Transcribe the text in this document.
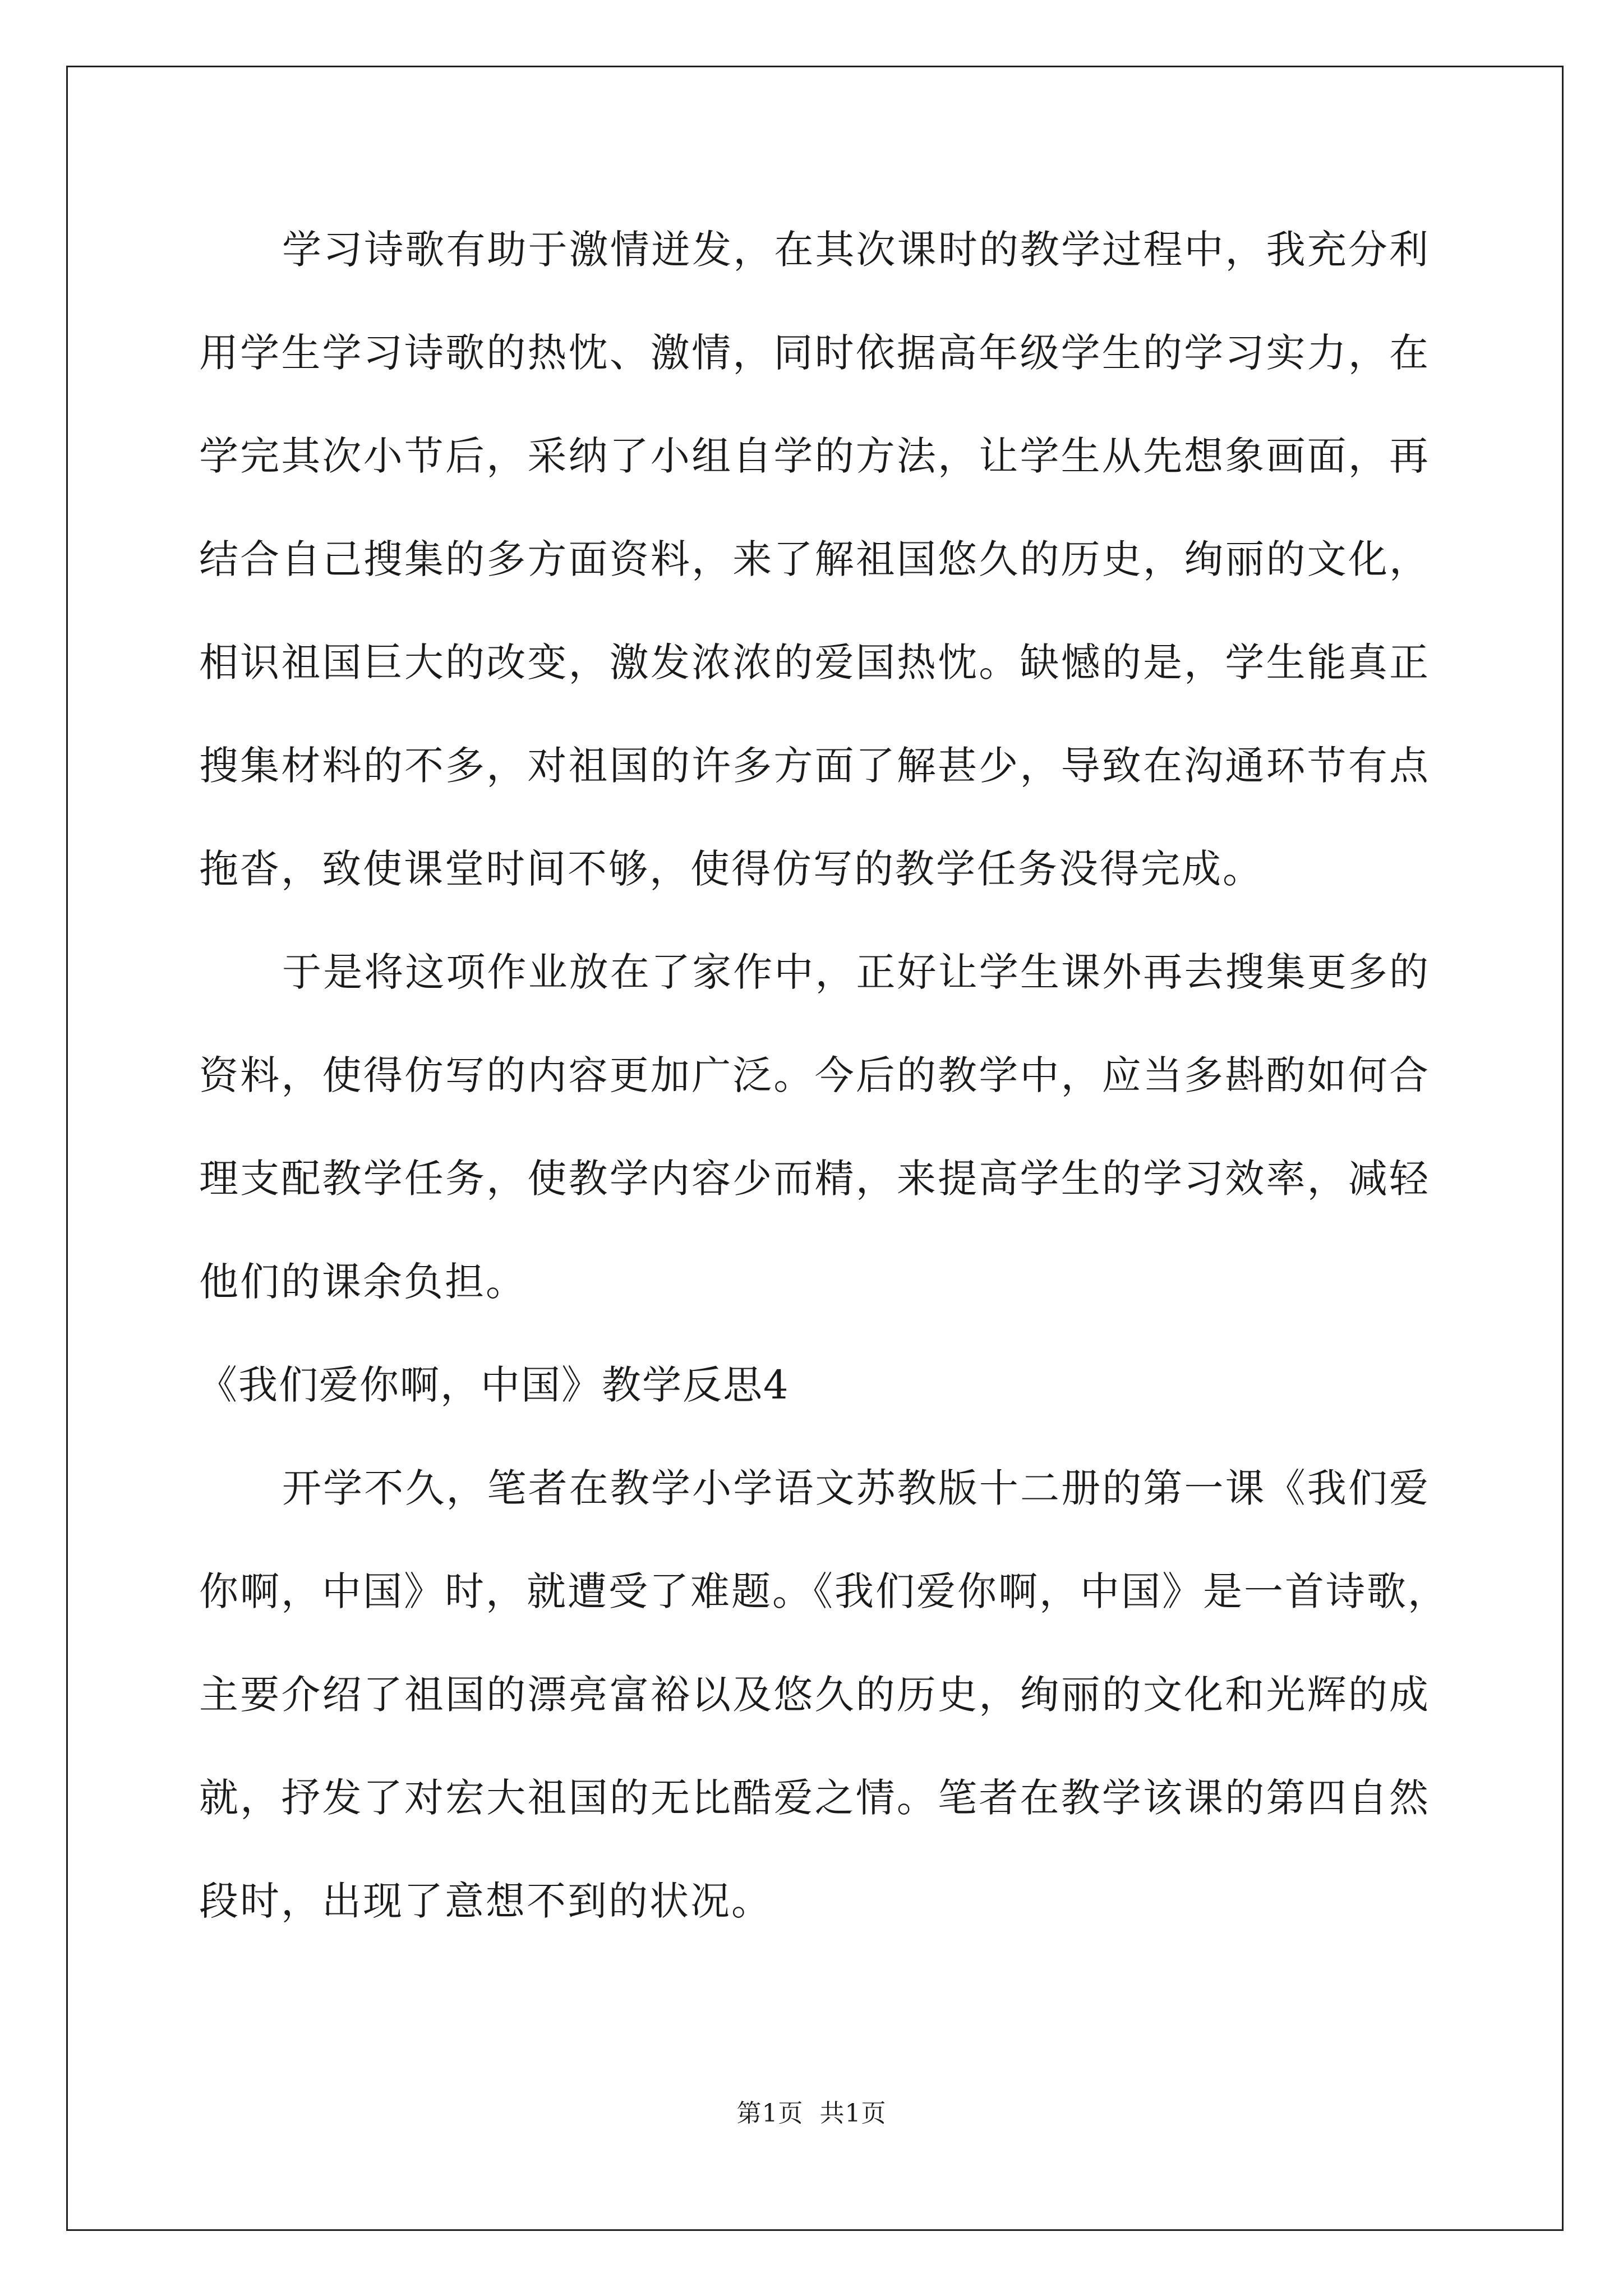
学习诗歌有助于激情迸发，在其次课时的教学过程中，我充分利
用学生学习诗歌的热忱、激情，同时依据高年级学生的学习实力，在
学完其次小节后，采纳了小组自学的方法，让学生从先想象画面，再
结合自己搜集的多方面资料，来了解祖国悠久的历史，绚丽的文化，
相识祖国巨大的改变，激发浓浓的爱国热忱。缺憾的是，学生能真正
搜集材料的不多，对祖国的许多方面了解甚少，导致在沟通环节有点
拖沓，致使课堂时间不够，使得仿写的教学任务没得完成。
于是将这项作业放在了家作中，正好让学生课外再去搜集更多的
资料，使得仿写的内容更加广泛。今后的教学中，应当多斟酌如何合
理支配教学任务，使教学内容少而精，来提高学生的学习效率，减轻
他们的课余负担。
《我们爱你啊，中国》教学反思4
开学不久，笔者在教学小学语文苏教版十二册的第一课《我们爱
你啊，中国》时，就遭受了难题。《我们爱你啊，中国》是一首诗歌，
主要介绍了祖国的漂亮富裕以及悠久的历史，绚丽的文化和光辉的成
就，抒发了对宏大祖国的无比酷爱之情。笔者在教学该课的第四自然
段时，出现了意想不到的状况。
第1页 共1页
